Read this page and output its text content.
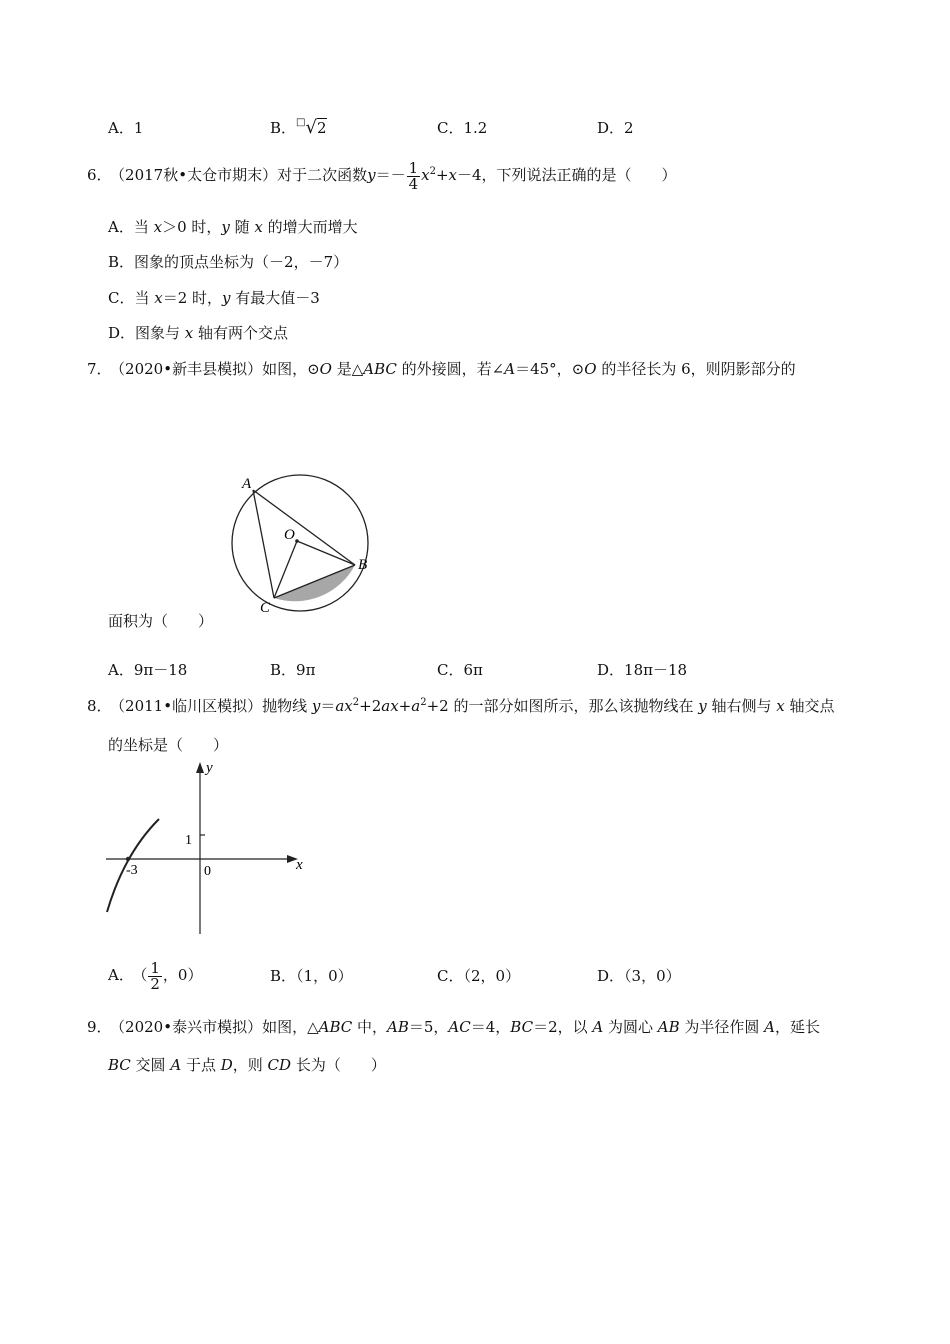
A．1	B．□√2	C．1.2	D．2
6． （2017秋•太仓市期末）对于二次函数$y=- \frac{1}{4} x^2+x-4$，下列说法正确的是（　　）
A．当 x＞0 时，y 随 x 的增大而增大
B．图象的顶点坐标为（－2，－7）
C．当 x＝2 时，y 有最大值－3
D．图象与 x 轴有两个交点
7． （2020•新丰县模拟）如图，⊙O 是△ABC 的外接圆，若∠A＝45°，⊙O 的半径长为 6，则阴影部分的
A
O
B
C
面积为（　　）
A．9π－18	B．9π	C．6π	D．18π－18
8． （2011•临川区模拟）抛物线 $y=ax^2+2ax+a^2+2$ 的一部分如图所示，那么该抛物线在 y 轴右侧与 x 轴交点
的坐标是（　　）
y
x
1
-3	0
A． （ $\frac{1}{2}$ ，0）	B．（1，0）	C．（2，0）	D．（3，0）
9． （2020•泰兴市模拟）如图，△ABC 中，AB＝5，AC＝4，BC＝2，以 A 为圆心 AB 为半径作圆 A，延长
BC 交圆 A 于点 D，则 CD 长为（　　）
